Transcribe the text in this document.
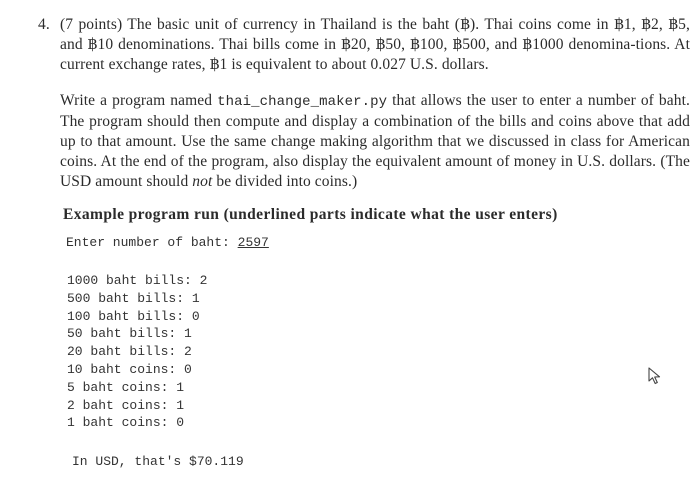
4. (7 points) The basic unit of currency in Thailand is the baht (฿). Thai coins come in ฿1, ฿2, ฿5, and ฿10 denominations. Thai bills come in ฿20, ฿50, ฿100, ฿500, and ฿1000 denomina-tions. At current exchange rates, ฿1 is equivalent to about 0.027 U.S. dollars.
Write a program named thai_change_maker.py that allows the user to enter a number of baht. The program should then compute and display a combination of the bills and coins above that add up to that amount. Use the same change making algorithm that we discussed in class for American coins. At the end of the program, also display the equivalent amount of money in U.S. dollars. (The USD amount should not be divided into coins.)
Example program run (underlined parts indicate what the user enters)
Enter number of baht: 2597
1000 baht bills: 2
500 baht bills: 1
100 baht bills: 0
50 baht bills: 1
20 baht bills: 2
10 baht coins: 0
5 baht coins: 1
2 baht coins: 1
1 baht coins: 0
In USD, that's $70.119
